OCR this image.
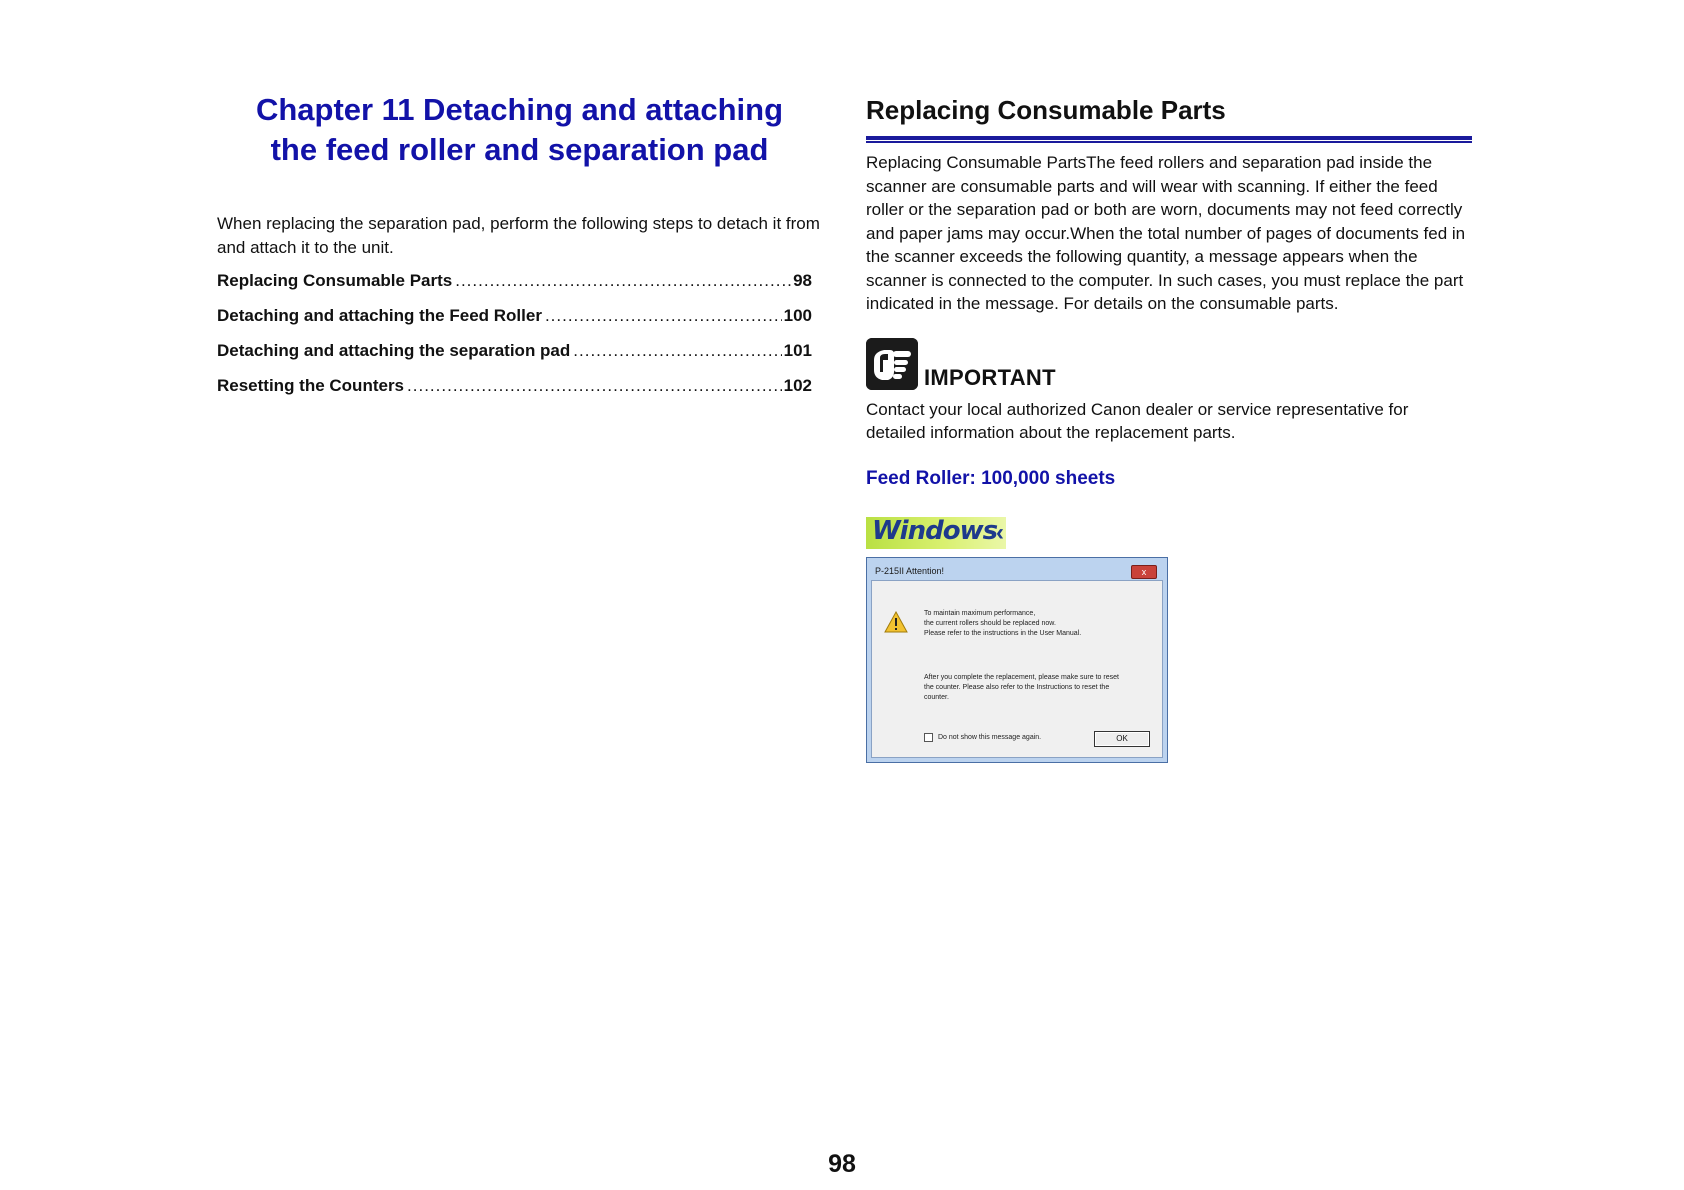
Chapter 11 Detaching and attaching
the feed roller and separation pad

When replacing the separation pad, perform the following steps to detach it from and attach it to the unit.

Replacing Consumable Parts .....	98
Detaching and attaching the Feed Roller .....	100
Detaching and attaching the separation pad .....	101
Resetting the Counters .....	102
Replacing Consumable Parts

Replacing Consumable PartsThe feed rollers and separation pad inside the scanner are consumable parts and will wear with scanning. If either the feed roller or the separation pad or both are worn, documents may not feed correctly and paper jams may occur.When the total number of pages of documents fed in the scanner exceeds the following quantity, a message appears when the scanner is connected to the computer. In such cases, you must replace the part indicated in the message. For details on the consumable parts.

IMPORTANT

Contact your local authorized Canon dealer or service representative for detailed information about the replacement parts.

Feed Roller: 100,000 sheets

Windows
‹
P-215II Attention!	x
To maintain maximum performance,
the current rollers should be replaced now.
Please refer to the instructions in the User Manual.
After you complete the replacement, please make sure to reset
the counter. Please also refer to the Instructions to reset the
counter.
Do not show this message again.	OK
98
